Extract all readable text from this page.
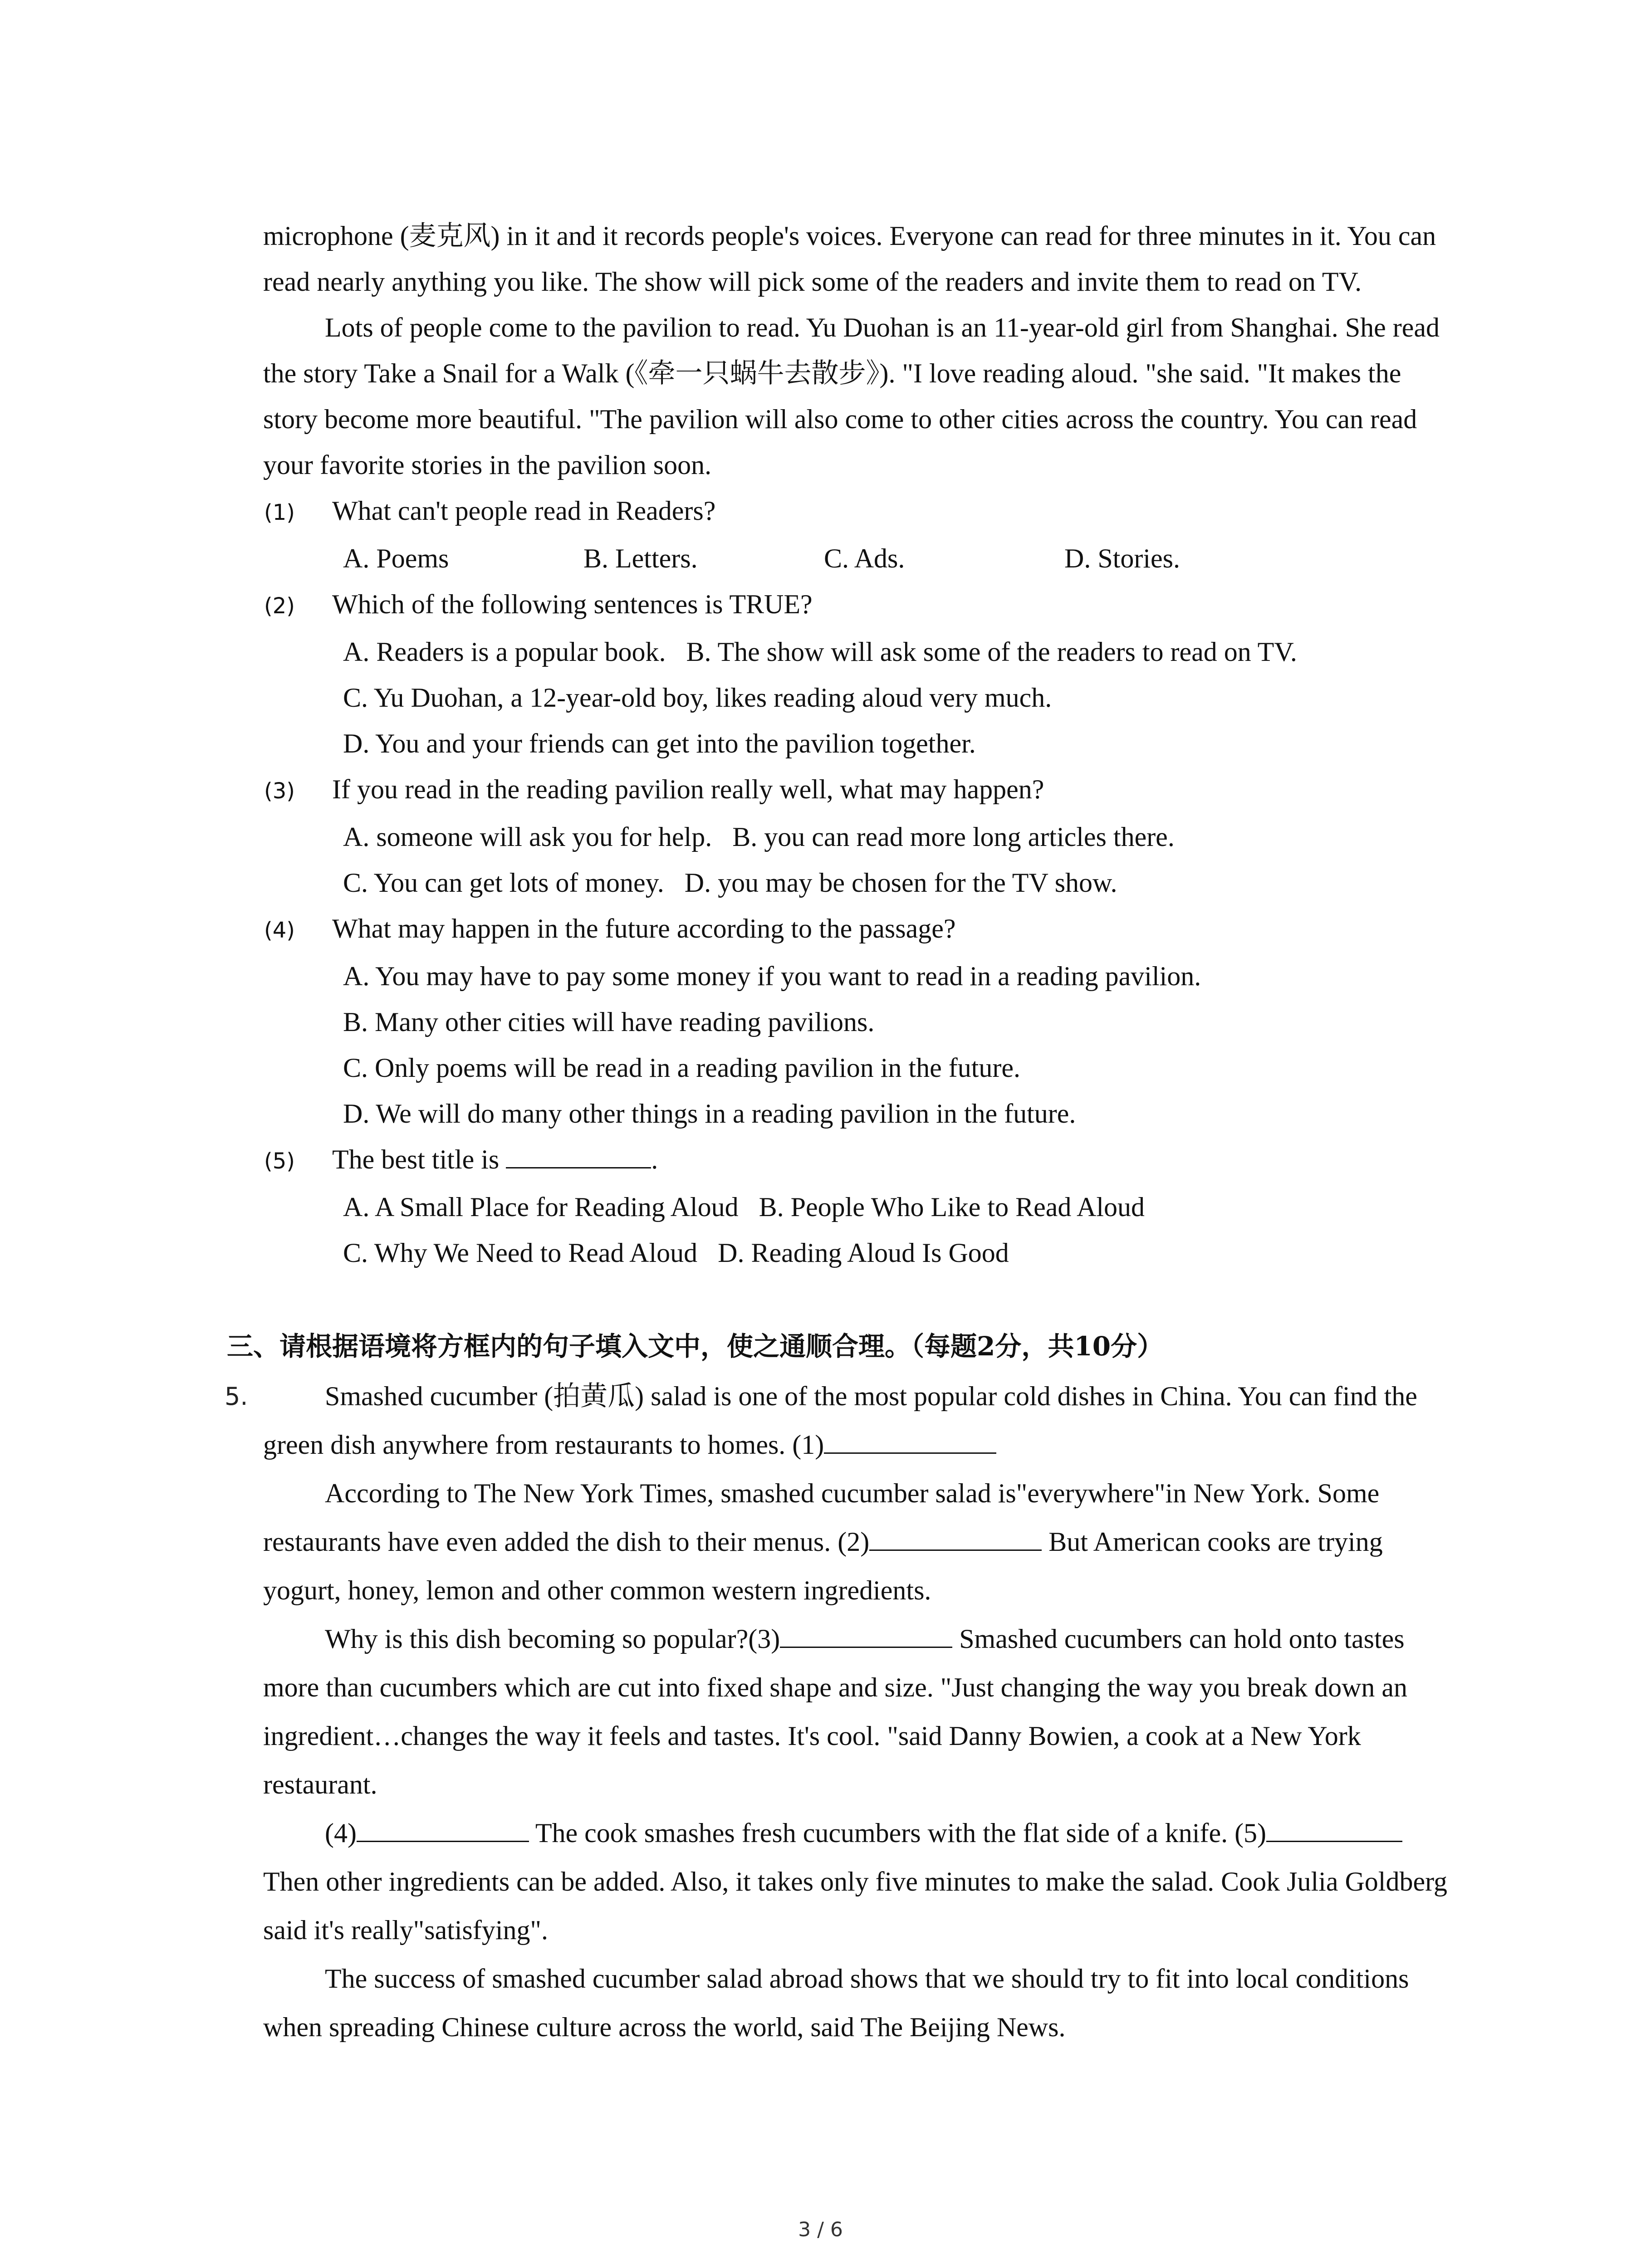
microphone (麦克风) in it and it records people's voices. Everyone can read for three minutes in it. You can read nearly anything you like. The show will pick some of the readers and invite them to read on TV.

Lots of people come to the pavilion to read. Yu Duohan is an 11-year-old girl from Shanghai. She read the story Take a Snail for a Walk (《牵一只蜗牛去散步》). "I love reading aloud. "she said. "It makes the story become more beautiful. "The pavilion will also come to other cities across the country. You can read your favorite stories in the pavilion soon.

(1)	What can't people read in Readers?
A. Poems	B. Letters.	C. Ads.	D. Stories.
(2)	Which of the following sentences is TRUE?

A. Readers is a popular book.   B. The show will ask some of the readers to read on TV.

C. Yu Duohan, a 12-year-old boy, likes reading aloud very much.

D. You and your friends can get into the pavilion together.

(3)	If you read in the reading pavilion really well, what may happen?

A. someone will ask you for help.   B. you can read more long articles there.

C. You can get lots of money.   D. you may be chosen for the TV show.

(4)	What may happen in the future according to the passage?

A. You may have to pay some money if you want to read in a reading pavilion.

B. Many other cities will have reading pavilions.

C. Only poems will be read in a reading pavilion in the future.

D. We will do many other things in a reading pavilion in the future.

(5)	The best title is	.

A. A Small Place for Reading Aloud   B. People Who Like to Read Aloud

C. Why We Need to Read Aloud   D. Reading Aloud Is Good

三、请根据语境将方框内的句子填入文中，使之通顺合理。（每题2分，共10分）
5.	Smashed cucumber (拍黄瓜) salad is one of the most popular cold dishes in China. You can find the green dish anywhere from restaurants to homes. (1)

According to The New York Times, smashed cucumber salad is"everywhere"in New York. Some restaurants have even added the dish to their menus. (2)	But American cooks are trying yogurt, honey, lemon and other common western ingredients.

Why is this dish becoming so popular?(3)	Smashed cucumbers can hold onto tastes more than cucumbers which are cut into fixed shape and size. "Just changing the way you break down an ingredient…changes the way it feels and tastes. It's cool. "said Danny Bowien, a cook at a New York restaurant.

(4)	The cook smashes fresh cucumbers with the flat side of a knife. (5) Then other ingredients can be added. Also, it takes only five minutes to make the salad. Cook Julia Goldberg said it's really"satisfying".

The success of smashed cucumber salad abroad shows that we should try to fit into local conditions when spreading Chinese culture across the world, said The Beijing News.

3 / 6
